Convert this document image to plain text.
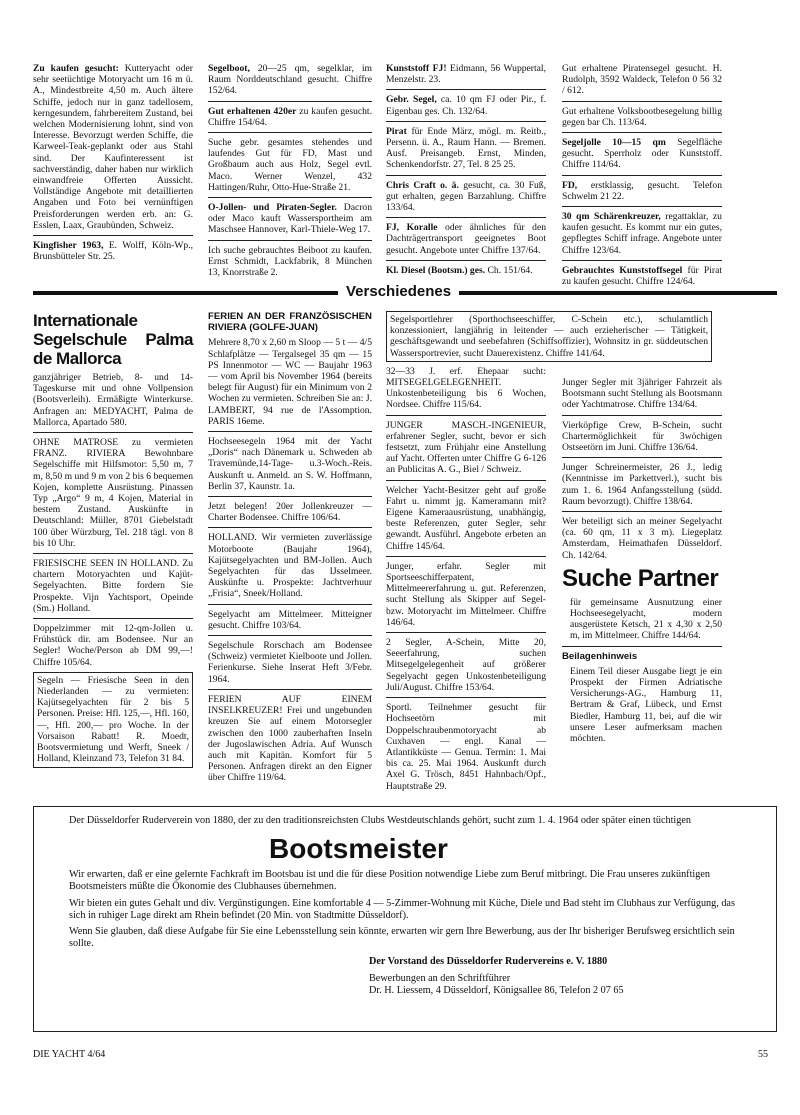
Zu kaufen gesucht: Kutteryacht oder sehr seetüchtige Motoryacht um 16 m ü. A., Mindestbreite 4,50 m. Auch ältere Schiffe, jedoch nur in ganz tadellosem, kerngesundem, fahrbereitem Zustand, bei welchen Modernisierung lohnt, sind von Interesse. Bevorzugt werden Schiffe, die Karweel-Teak-geplankt oder aus Stahl sind. Der Kaufinteressent ist sachverständig, daher haben nur wirklich einwandfreie Offerten Aussicht. Vollständige Angebote mit detaillierten Angaben und Foto bei vernünftigen Preisforderungen werden erb. an: G. Esslen, Laax, Graubünden, Schweiz.
Kingfisher 1963, E. Wolff, Köln-Wp., Brunsbütteler Str. 25.
Segelboot, 20—25 qm, segelklar, im Raum Norddeutschland gesucht. Chiffre 152/64.
Gut erhaltenen 420er zu kaufen gesucht. Chiffre 154/64.
Suche gebr. gesamtes stehendes und laufendes Gut für FD, Mast und Großbaum auch aus Holz, Segel evtl. Maco. Werner Wenzel, 432 Hattingen/Ruhr, Otto-Hue-Straße 21.
O-Jollen- und Piraten-Segler. Dacron oder Maco kauft Wassersportheim am Maschsee Hannover, Karl-Thiele-Weg 17.
Ich suche gebrauchtes Beiboot zu kaufen. Ernst Schmidt, Lackfabrik, 8 München 13, Knorrstraße 2.
Kunststoff FJ! Eidmann, 56 Wuppertal, Menzelstr. 23.
Gebr. Segel, ca. 10 qm FJ oder Pir., f. Eigenbau ges. Ch. 132/64.
Pirat für Ende März, mögl. m. Reitb., Persenn. ü. A., Raum Hann. — Bremen. Ausf. Preisangeb. Ernst, Minden, Schenkendorfstr. 27, Tel. 8 25 25.
Chris Craft o. ä. gesucht, ca. 30 Fuß, gut erhalten, gegen Barzahlung. Chiffre 133/64.
FJ, Koralle oder ähnliches für den Dachträgertransport geeignetes Boot gesucht. Angebote unter Chiffre 137/64.
Kl. Diesel (Bootsm.) ges. Ch. 151/64.
Gut erhaltene Piratensegel gesucht. H. Rudolph, 3592 Waldeck, Telefon 0 56 32 / 612.
Gut erhaltene Volksbootbesegelung billig gegen bar Ch. 113/64.
Segeljolle 10—15 qm Segelfläche gesucht. Sperrholz oder Kunststoff. Chiffre 114/64.
FD, erstklassig, gesucht. Telefon Schwelm 21 22.
30 qm Schärenkreuzer, regattaklar, zu kaufen gesucht. Es kommt nur ein gutes, gepflegtes Schiff infrage. Angebote unter Chiffre 123/64.
Gebrauchtes Kunststoffsegel für Pirat zu kaufen gesucht. Chiffre 124/64.
Verschiedenes
Internationale Segelschule Palma de Mallorca
ganzjähriger Betrieb, 8- und 14-Tageskurse mit und ohne Vollpension (Bootsverleih). Ermäßigte Winterkurse. Anfragen an: MEDYACHT, Palma de Mallorca, Apartado 580.
OHNE MATROSE zu vermieten FRANZ. RIVIERA Bewohnbare Segelschiffe mit Hilfsmotor: 5,50 m, 7 m, 8,50 m und 9 m von 2 bis 6 bequemen Kojen, komplette Ausrüstung. Pinassen Typ „Argo“ 9 m, 4 Kojen, Material in bestem Zustand. Auskünfte in Deutschland: Müller, 8701 Giebelstadt 100 über Würzburg, Tel. 218 tägl. von 8 bis 10 Uhr.
FRIESISCHE SEEN IN HOLLAND. Zu chartern Motoryachten und Kajüt-Segelyachten. Bitte fordern Sie Prospekte. Vijn Yachtsport, Opeinde (Sm.) Holland.
Doppelzimmer mit 12-qm-Jollen u. Frühstück dir. am Bodensee. Nur an Segler! Woche/Person ab DM 99,—! Chiffre 105/64.
Segeln — Friesische Seen in den Niederlanden — zu vermieten: Kajütsegelyachten für 2 bis 5 Personen. Preise: Hfl. 125,—, Hfl. 160,—, Hfl. 200,— pro Woche. In der Vorsaison Rabatt! R. Moedt, Bootsvermietung und Werft, Sneek / Holland, Kleinzand 73, Telefon 31 84.
FERIEN AN DER FRANZÖSISCHEN RIVIERA (GOLFE-JUAN)
Mehrere 8,70 x 2,60 m Sloop — 5 t — 4/5 Schlafplätze — Tergalsegel 35 qm — 15 PS Innenmotor — WC — Baujahr 1963 — vom April bis November 1964 (bereits belegt für August) für ein Minimum von 2 Wochen zu vermieten. Schreiben Sie an: J. LAMBERT, 94 rue de l'Assomption. PARIS 16eme.
Hochseesegeln 1964 mit der Yacht „Doris“ nach Dänemark u. Schweden ab Travemünde,14-Tage- u.3-Woch.-Reis. Auskunft u. Anmeld. an S. W. Hoffmann, Berlin 37, Kaunstr. 1a.
Jetzt belegen! 20er Jollenkreuzer — Charter Bodensee. Chiffre 106/64.
HOLLAND. Wir vermieten zuverlässige Motorboote (Baujahr 1964), Kajütsegelyachten und BM-Jollen. Auch Segelyachten für das IJsselmeer. Auskünfte u. Prospekte: Jachtverhuur „Frisia“, Sneek/Holland.
Segelyacht am Mittelmeer. Mitteigner gesucht. Chiffre 103/64.
Segelschule Rorschach am Bodensee (Schweiz) vermietet Kielboote und Jollen. Ferienkurse. Siehe Inserat Heft 3/Febr. 1964.
FERIEN AUF EINEM INSELKREUZER! Frei und ungebunden kreuzen Sie auf einem Motorsegler zwischen den 1000 zauberhaften Inseln der Jugoslawischen Adria. Auf Wunsch auch mit Kapitän. Komfort für 5 Personen. Anfragen direkt an den Eigner über Chiffre 119/64.
Segelsportlehrer (Sporthochseeschiffer, C-Schein etc.), schulamtlich konzessioniert, langjährig in leitender — auch erzieherischer — Tätigkeit, geschäftsgewandt und seebefahren (Schiffsoffizier), Wohnsitz in gr. süddeutschen Wassersportrevier, sucht Dauerexistenz. Chiffre 141/64.
32—33 J. erf. Ehepaar sucht: MITSEGELGELEGENHEIT. Unkostenbeteiligung bis 6 Wochen, Nordsee. Chiffre 115/64.
JUNGER MASCH.-INGENIEUR, erfahrener Segler, sucht, bevor er sich festsetzt, zum Frühjahr eine Anstellung auf Yacht. Offerten unter Chiffre G 6-126 an Publicitas A. G., Biel / Schweiz.
Welcher Yacht-Besitzer geht auf große Fahrt u. nimmt jg. Kameramann mit? Eigene Kameraausrüstung, unabhängig, beste Referenzen, guter Segler, sehr gewandt. Ausführl. Angebote erbeten an Chiffre 145/64.
Junger, erfahr. Segler mit Sportseeschifferpatent, Mittelmeererfahrung u. gut. Referenzen, sucht Stellung als Skipper auf Segel- bzw. Motoryacht im Mittelmeer. Chiffre 146/64.
2 Segler, A-Schein, Mitte 20, Seeerfahrung, suchen Mitsegelgelegenheit auf größerer Segelyacht gegen Unkostenbeteiligung Juli/August. Chiffre 153/64.
Sportl. Teilnehmer gesucht für Hochseetörn mit Doppelschraubenmotoryacht ab Cuxhaven — engl. Kanal — Atlantikküste — Genua. Termin: 1. Mai bis ca. 25. Mai 1964. Auskunft durch Axel G. Trösch, 8451 Hahnbach/Opf., Hauptstraße 29.
Junger Segler mit 3jähriger Fahrzeit als Bootsmann sucht Stellung als Bootsmann oder Yachtmatrose. Chiffre 134/64.
Vierköpfige Crew, B-Schein, sucht Chartermöglichkeit für 3wöchigen Ostseetörn im Juni. Chiffre 136/64.
Junger Schreinermeister, 26 J., ledig (Kenntnisse im Parkettverl.), sucht bis zum 1. 6. 1964 Anfangsstellung (südd. Raum bevorzugt). Chiffre 138/64.
Wer beteiligt sich an meiner Segelyacht (ca. 60 qm, 11 x 3 m). Liegeplatz Amsterdam, Heimathafen Düsseldorf. Ch. 142/64.
Suche Partner
für gemeinsame Ausnutzung einer Hochseesegelyacht, modern ausgerüstete Ketsch, 21 x 4,30 x 2,50 m, im Mittelmeer. Chiffre 144/64.
Beilagenhinweis
Einem Teil dieser Ausgabe liegt je ein Prospekt der Firmen Adriatische Versicherungs-AG., Hamburg 11, Bertram & Graf, Lübeck, und Ernst Biedler, Hamburg 11, bei, auf die wir unsere Leser aufmerksam machen möchten.
Der Düsseldorfer Ruderverein von 1880, der zu den traditionsreichsten Clubs Westdeutschlands gehört, sucht zum 1. 4. 1964 oder später einen tüchtigen
Bootsmeister
Wir erwarten, daß er eine gelernte Fachkraft im Bootsbau ist und die für diese Position notwendige Liebe zum Beruf mitbringt. Die Frau unseres zukünftigen Bootsmeisters müßte die Ökonomie des Clubhauses übernehmen.
Wir bieten ein gutes Gehalt und div. Vergünstigungen. Eine komfortable 4 — 5-Zimmer-Wohnung mit Küche, Diele und Bad steht im Clubhaus zur Verfügung, das sich in ruhiger Lage direkt am Rhein befindet (20 Min. von Stadtmitte Düsseldorf).
Wenn Sie glauben, daß diese Aufgabe für Sie eine Lebensstellung sein könnte, erwarten wir gern Ihre Bewerbung, aus der Ihr bisheriger Berufsweg ersichtlich sein sollte.
Der Vorstand des Düsseldorfer Rudervereins e. V. 1880
Bewerbungen an den Schriftführer
Dr. H. Liessem, 4 Düsseldorf, Königsallee 86, Telefon 2 07 65
DIE YACHT 4/64	55
